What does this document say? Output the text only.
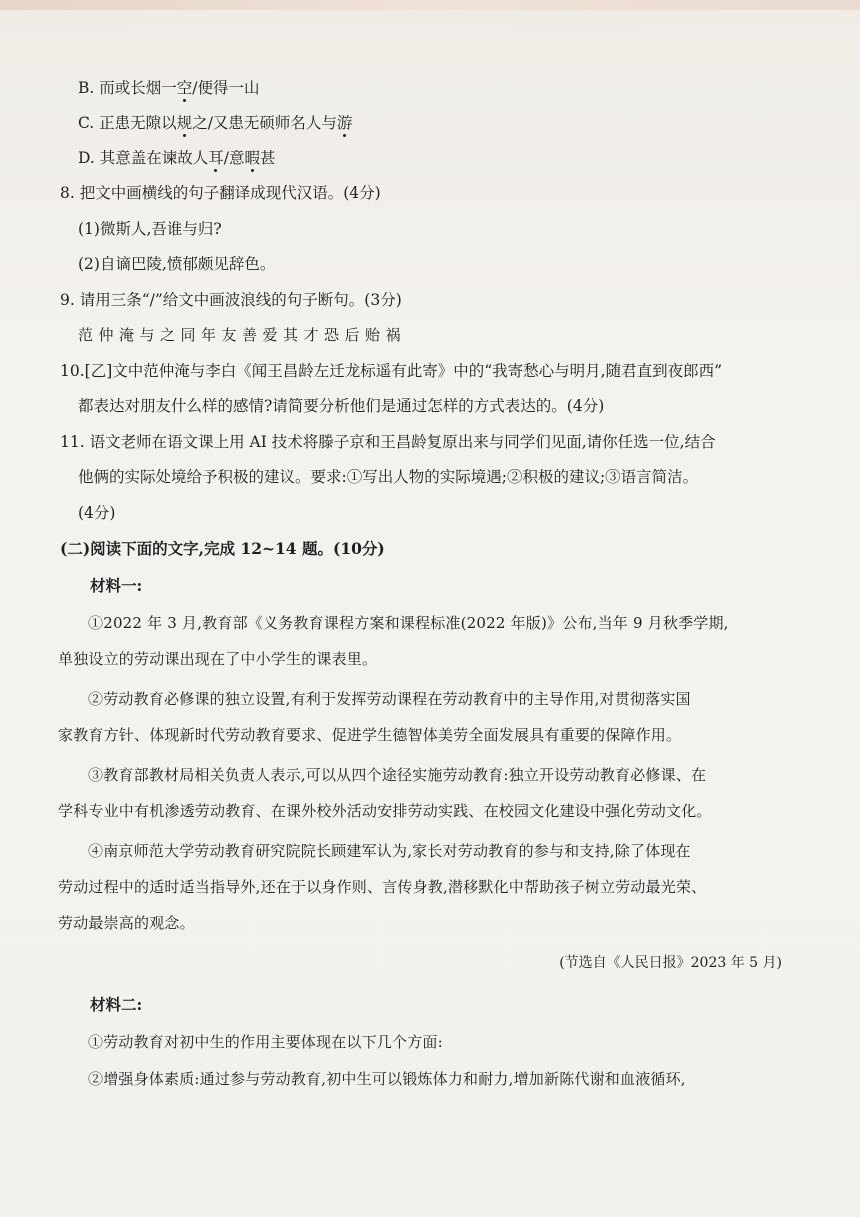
B. 而或长烟一空/便得一山
C. 正患无隙以规之/又患无硕师名人与游
D. 其意盖在谏故人耳/意暇甚
8. 把文中画横线的句子翻译成现代汉语。(4分)
(1)微斯人,吾谁与归?
(2)自谪巴陵,愤郁颇见辞色。
9. 请用三条“/”给文中画波浪线的句子断句。(3分)
范仲淹与之同年友善爱其才恐后贻祸
10.[乙]文中范仲淹与李白《闻王昌龄左迁龙标遥有此寄》中的“我寄愁心与明月,随君直到夜郎西”
都表达对朋友什么样的感情?请简要分析他们是通过怎样的方式表达的。(4分)
11. 语文老师在语文课上用 AI 技术将滕子京和王昌龄复原出来与同学们见面,请你任选一位,结合
他俩的实际处境给予积极的建议。要求:①写出人物的实际境遇;②积极的建议;③语言简洁。
(4分)
(二)阅读下面的文字,完成 12~14 题。(10分)
材料一:
①2022 年 3 月,教育部《义务教育课程方案和课程标准(2022 年版)》公布,当年 9 月秋季学期,
单独设立的劳动课出现在了中小学生的课表里。
②劳动教育必修课的独立设置,有利于发挥劳动课程在劳动教育中的主导作用,对贯彻落实国
家教育方针、体现新时代劳动教育要求、促进学生德智体美劳全面发展具有重要的保障作用。
③教育部教材局相关负责人表示,可以从四个途径实施劳动教育:独立开设劳动教育必修课、在
学科专业中有机渗透劳动教育、在课外校外活动安排劳动实践、在校园文化建设中强化劳动文化。
④南京师范大学劳动教育研究院院长顾建军认为,家长对劳动教育的参与和支持,除了体现在
劳动过程中的适时适当指导外,还在于以身作则、言传身教,潜移默化中帮助孩子树立劳动最光荣、
劳动最崇高的观念。
(节选自《人民日报》2023 年 5 月)
材料二:
①劳动教育对初中生的作用主要体现在以下几个方面:
②增强身体素质:通过参与劳动教育,初中生可以锻炼体力和耐力,增加新陈代谢和血液循环,
